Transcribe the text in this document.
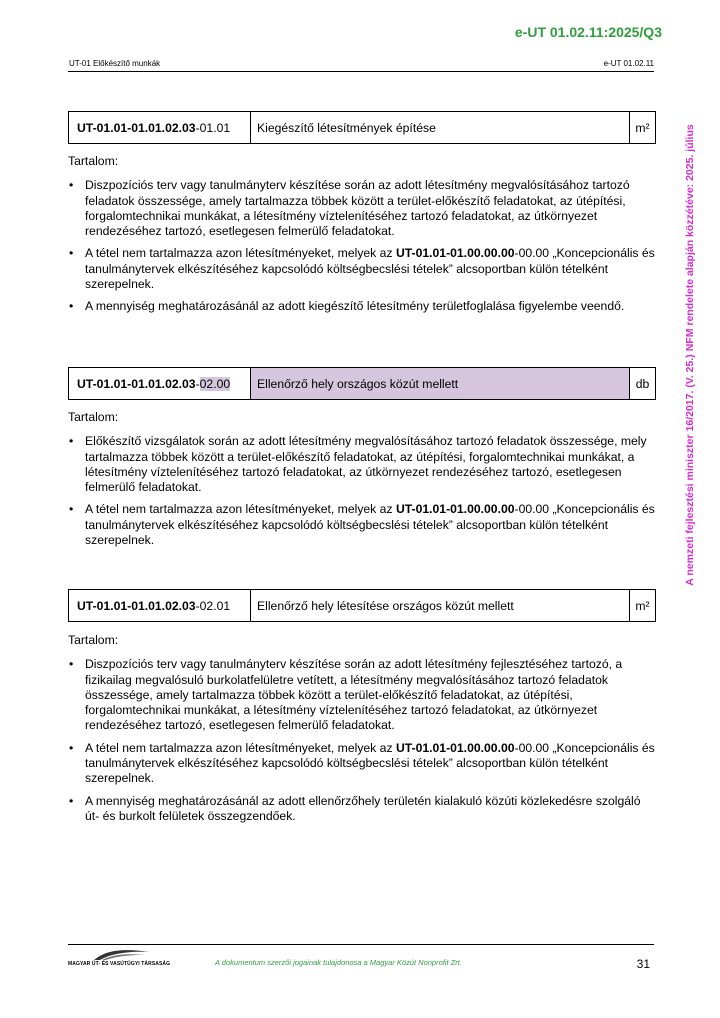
e-UT 01.02.11:2025/Q3
UT-01 Előkészítő munkák	e-UT 01.02.11
A nemzeti fejlesztési miniszter 16/2017. (V. 25.) NFM rendelete alapján közzétéve: 2025. július
UT-01.01-01.01.02.03 -01.01	Kiegészítő létesítmények építése	m²

Tartalom:

• Diszpozíciós terv vagy tanulmányterv készítése során az adott létesítmény megvalósításához tartozó feladatok összessége, amely tartalmazza többek között a terület-előkészítő feladatokat, az útépítési, forgalomtechnikai munkákat, a létesítmény víztelenítéséhez tartozó feladatokat, az útkörnyezet rendezéséhez tartozó, esetlegesen felmerülő feladatokat.
• A tétel nem tartalmazza azon létesítményeket, melyek az UT-01.01-01.00.00.00-00.00 „Koncepcionális és tanulmánytervek elkészítéséhez kapcsolódó költségbecslési tételek” alcsoportban külön tételként szerepelnek.
• A mennyiség meghatározásánál az adott kiegészítő létesítmény területfoglalása figyelembe veendő.
UT-01.01-01.01.02.03 - 02.00	Ellenőrző hely országos közút mellett	db

Tartalom:

• Előkészítő vizsgálatok során az adott létesítmény megvalósításához tartozó feladatok összessége, mely tartalmazza többek között a terület-előkészítő feladatokat, az útépítési, forgalomtechnikai munkákat, a létesítmény víztelenítéséhez tartozó feladatokat, az útkörnyezet rendezéséhez tartozó, esetlegesen felmerülő feladatokat.
• A tétel nem tartalmazza azon létesítményeket, melyek az UT-01.01-01.00.00.00-00.00 „Koncepcionális és tanulmánytervek elkészítéséhez kapcsolódó költségbecslési tételek” alcsoportban külön tételként szerepelnek.
UT-01.01-01.01.02.03 -02.01	Ellenőrző hely létesítése országos közút mellett	m²

Tartalom:

• Diszpozíciós terv vagy tanulmányterv készítése során az adott létesítmény fejlesztéséhez tartozó, a fizikailag megvalósuló burkolatfelületre vetített, a létesítmény megvalósításához tartozó feladatok összessége, amely tartalmazza többek között a terület-előkészítő feladatokat, az útépítési, forgalomtechnikai munkákat, a létesítmény víztelenítéséhez tartozó feladatokat, az útkörnyezet rendezéséhez tartozó, esetlegesen felmerülő feladatokat.
• A tétel nem tartalmazza azon létesítményeket, melyek az UT-01.01-01.00.00.00-00.00 „Koncepcionális és tanulmánytervek elkészítéséhez kapcsolódó költségbecslési tételek” alcsoportban külön tételként szerepelnek.
• A mennyiség meghatározásánál az adott ellenőrzőhely területén kialakuló közúti közlekedésre szolgáló út- és burkolt felületek összegzendőek.
MAGYAR ÚT- ÉS VASÚTÜGYI TÁRSASÁG	A dokumentum szerzői jogainak tulajdonosa a Magyar Közút Nonprofit Zrt.	31
